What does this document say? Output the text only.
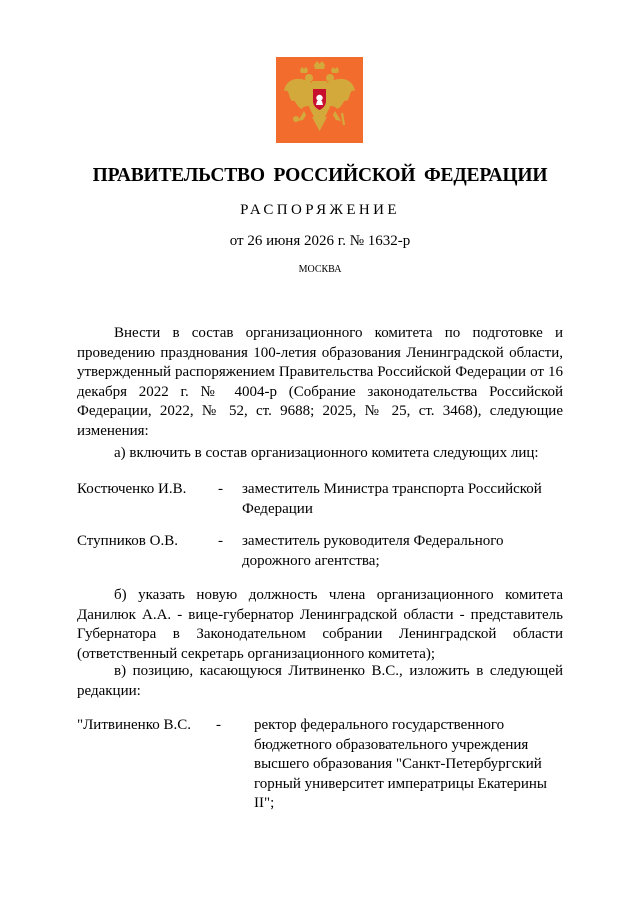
ПРАВИТЕЛЬСТВО РОССИЙСКОЙ ФЕДЕРАЦИИ
РАСПОРЯЖЕНИЕ
от 26 июня 2026 г. № 1632-р
МОСКВА
Внести в состав организационного комитета по подготовке и проведению празднования 100-летия образования Ленинградской области, утвержденный распоряжением Правительства Российской Федерации от 16 декабря 2022 г. № 4004-р (Собрание законодательства Российской Федерации, 2022, № 52, ст. 9688; 2025, № 25, ст. 3468), следующие изменения:
а) включить в состав организационного комитета следующих лиц:
Костюченко И.В. - заместитель Министра транспорта Российской Федерации
Ступников О.В.	- заместитель руководителя Федерального дорожного агентства;
б) указать новую должность члена организационного комитета Данилюк А.А. - вице-губернатор Ленинградской области - представитель Губернатора в Законодательном собрании Ленинградской области (ответственный секретарь организационного комитета);
в) позицию, касающуюся Литвиненко В.С., изложить в следующей редакции:
"Литвиненко В.С. - ректор федерального государственного бюджетного образовательного учреждения высшего образования "Санкт-Петербургский горный университет императрицы Екатерины II";
